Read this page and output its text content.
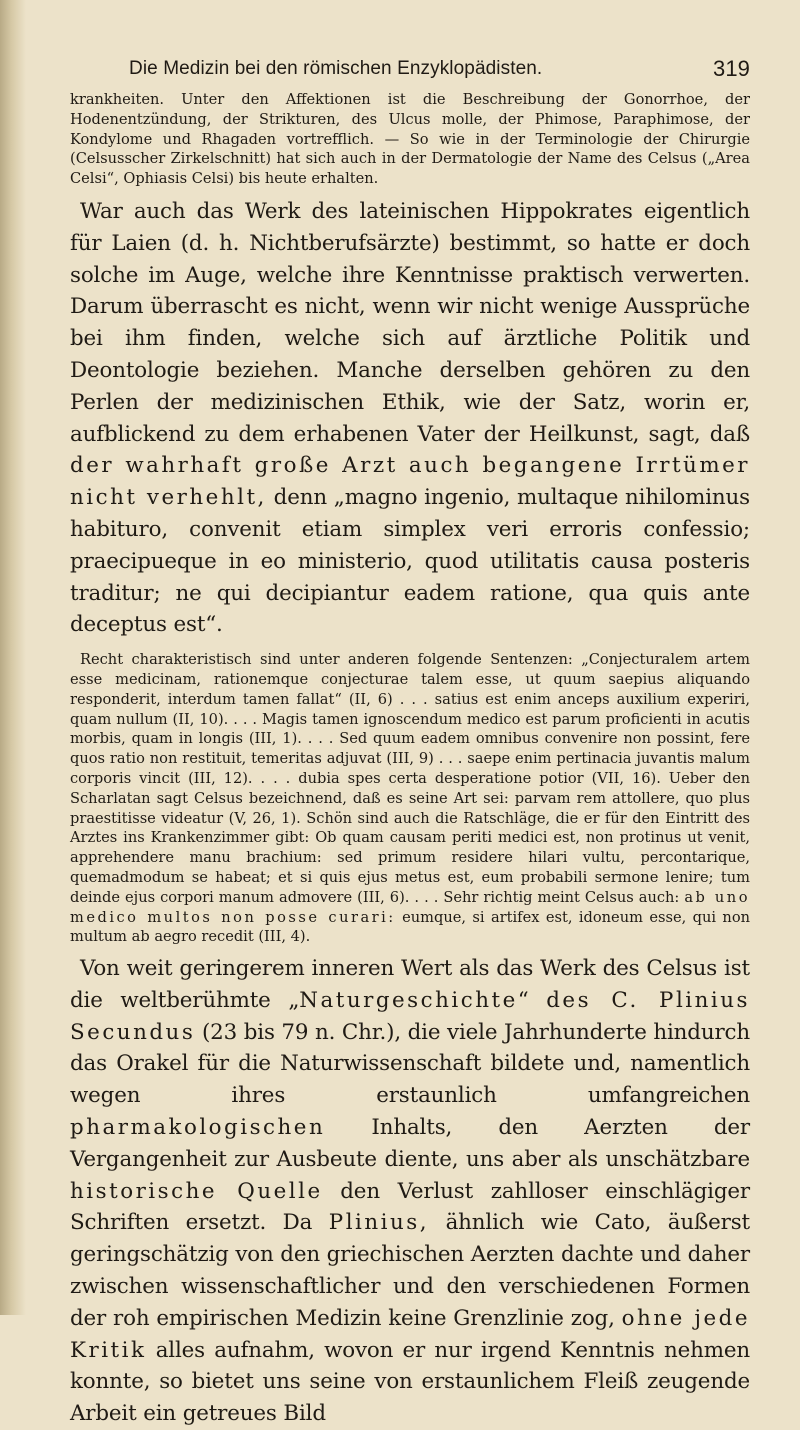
Die Medizin bei den römischen Enzyklopädisten.	319

krankheiten. Unter den Affektionen ist die Beschreibung der Gonorrhoe, der Hodenentzündung, der Strikturen, des Ulcus molle, der Phimose, Paraphimose, der Kondylome und Rhagaden vortrefflich. — So wie in der Terminologie der Chirurgie (Celsusscher Zirkelschnitt) hat sich auch in der Dermatologie der Name des Celsus („Area Celsi“, Ophiasis Celsi) bis heute erhalten.

War auch das Werk des lateinischen Hippokrates eigentlich für Laien (d. h. Nichtberufsärzte) bestimmt, so hatte er doch solche im Auge, welche ihre Kenntnisse praktisch verwerten. Darum überrascht es nicht, wenn wir nicht wenige Aussprüche bei ihm finden, welche sich auf ärztliche Politik und Deontologie beziehen. Manche derselben gehören zu den Perlen der medizinischen Ethik, wie der Satz, worin er, aufblickend zu dem erhabenen Vater der Heilkunst, sagt, daß der wahrhaft große Arzt auch begangene Irrtümer nicht verhehlt, denn „magno ingenio, multaque nihilominus habituro, convenit etiam simplex veri erroris confessio; praecipueque in eo ministerio, quod utilitatis causa posteris traditur; ne qui decipiantur eadem ratione, qua quis ante deceptus est“.

Recht charakteristisch sind unter anderen folgende Sentenzen: „Conjecturalem artem esse medicinam, rationemque conjecturae talem esse, ut quum saepius aliquando responderit, interdum tamen fallat“ (II, 6) . . . satius est enim anceps auxilium experiri, quam nullum (II, 10). . . . Magis tamen ignoscendum medico est parum proficienti in acutis morbis, quam in longis (III, 1). . . . Sed quum eadem omnibus convenire non possint, fere quos ratio non restituit, temeritas adjuvat (III, 9) . . . saepe enim pertinacia juvantis malum corporis vincit (III, 12). . . . dubia spes certa desperatione potior (VII, 16). Ueber den Scharlatan sagt Celsus bezeichnend, daß es seine Art sei: parvam rem attollere, quo plus praestitisse videatur (V, 26, 1). Schön sind auch die Ratschläge, die er für den Eintritt des Arztes ins Krankenzimmer gibt: Ob quam causam periti medici est, non protinus ut venit, apprehendere manu brachium: sed primum residere hilari vultu, percontarique, quemadmodum se habeat; et si quis ejus metus est, eum probabili sermone lenire; tum deinde ejus corpori manum admovere (III, 6). . . . Sehr richtig meint Celsus auch: ab uno medico multos non posse curari: eumque, si artifex est, idoneum esse, qui non multum ab aegro recedit (III, 4).

Von weit geringerem inneren Wert als das Werk des Celsus ist die weltberühmte „Naturgeschichte“ des C. Plinius Secundus (23 bis 79 n. Chr.), die viele Jahrhunderte hindurch das Orakel für die Naturwissenschaft bildete und, namentlich wegen ihres erstaunlich umfangreichen pharmakologischen Inhalts, den Aerzten der Vergangenheit zur Ausbeute diente, uns aber als unschätzbare historische Quelle den Verlust zahlloser einschlägiger Schriften ersetzt. Da Plinius, ähnlich wie Cato, äußerst geringschätzig von den griechischen Aerzten dachte und daher zwischen wissenschaftlicher und den verschiedenen Formen der roh empirischen Medizin keine Grenzlinie zog, ohne jede Kritik alles aufnahm, wovon er nur irgend Kenntnis nehmen konnte, so bietet uns seine von erstaunlichem Fleiß zeugende Arbeit ein getreues Bild
